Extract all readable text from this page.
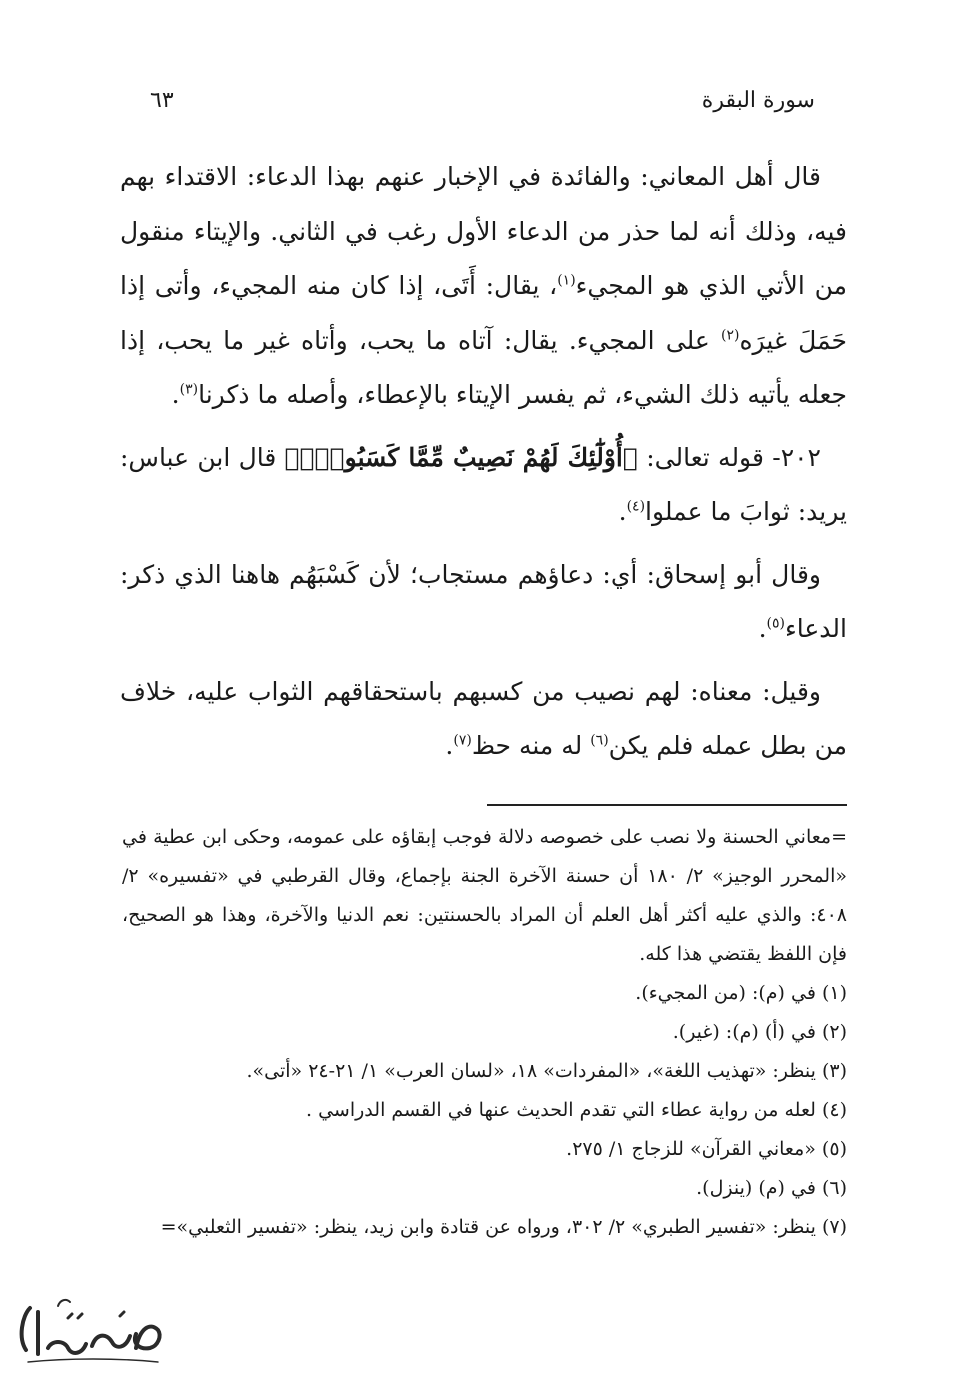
سورة البقرة
٦٣

قال أهل المعاني: والفائدة في الإخبار عنهم بهذا الدعاء: الاقتداء بهم فيه، وذلك أنه لما حذر من الدعاء الأول رغب في الثاني. والإيتاء منقول من الأتي الذي هو المجيء$^{(١)}$، يقال: أَتَى، إذا كان منه المجيء، وأتى إذا حَمَلَ غيرَه$^{(٢)}$ على المجيء. يقال: آتاه ما يحب، وأتاه غير ما يحب، إذا جعله يأتيه ذلك الشيء، ثم يفسر الإيتاء بالإعطاء، وأصله ما ذكرنا$^{(٣)}$.

٢٠٢- قوله تعالى: ﴿أُوْلَٰٓئِكَ لَهُمْ نَصِيبٌ مِّمَّا كَسَبُواْۚ﴾ قال ابن عباس: يريد: ثوابَ ما عملوا$^{(٤)}$.

وقال أبو إسحاق: أي: دعاؤهم مستجاب؛ لأن كَسْبَهُم هاهنا الذي ذكر: الدعاء$^{(٥)}$.

وقيل: معناه: لهم نصيب من كسبهم باستحقاقهم الثواب عليه، خلاف من بطل عمله فلم يكن$^{(٦)}$ له منه حظ$^{(٧)}$.

=معاني الحسنة ولا نصب على خصوصه دلالة فوجب إبقاؤه على عمومه، وحكى ابن عطية في «المحرر الوجيز» ٢/ ١٨٠ أن حسنة الآخرة الجنة بإجماع، وقال القرطبي في «تفسيره» ٢/ ٤٠٨: والذي عليه أكثر أهل العلم أن المراد بالحسنتين: نعم الدنيا والآخرة، وهذا هو الصحيح، فإن اللفظ يقتضي هذا كله.

(١) في (م): (من المجيء).

(٢) في (أ) (م): (غير).

(٣) ينظر: «تهذيب اللغة»، «المفردات» ١٨، «لسان العرب» ١/ ٢١-٢٤ «أتى».

(٤) لعله من رواية عطاء التي تقدم الحديث عنها في القسم الدراسي .

(٥) «معاني القرآن» للزجاج ١/ ٢٧٥.

(٦) في (م) (ينزل).

(٧) ينظر: «تفسير الطبري» ٢/ ٣٠٢، ورواه عن قتادة وابن زيد، ينظر: «تفسير الثعلبي»=
